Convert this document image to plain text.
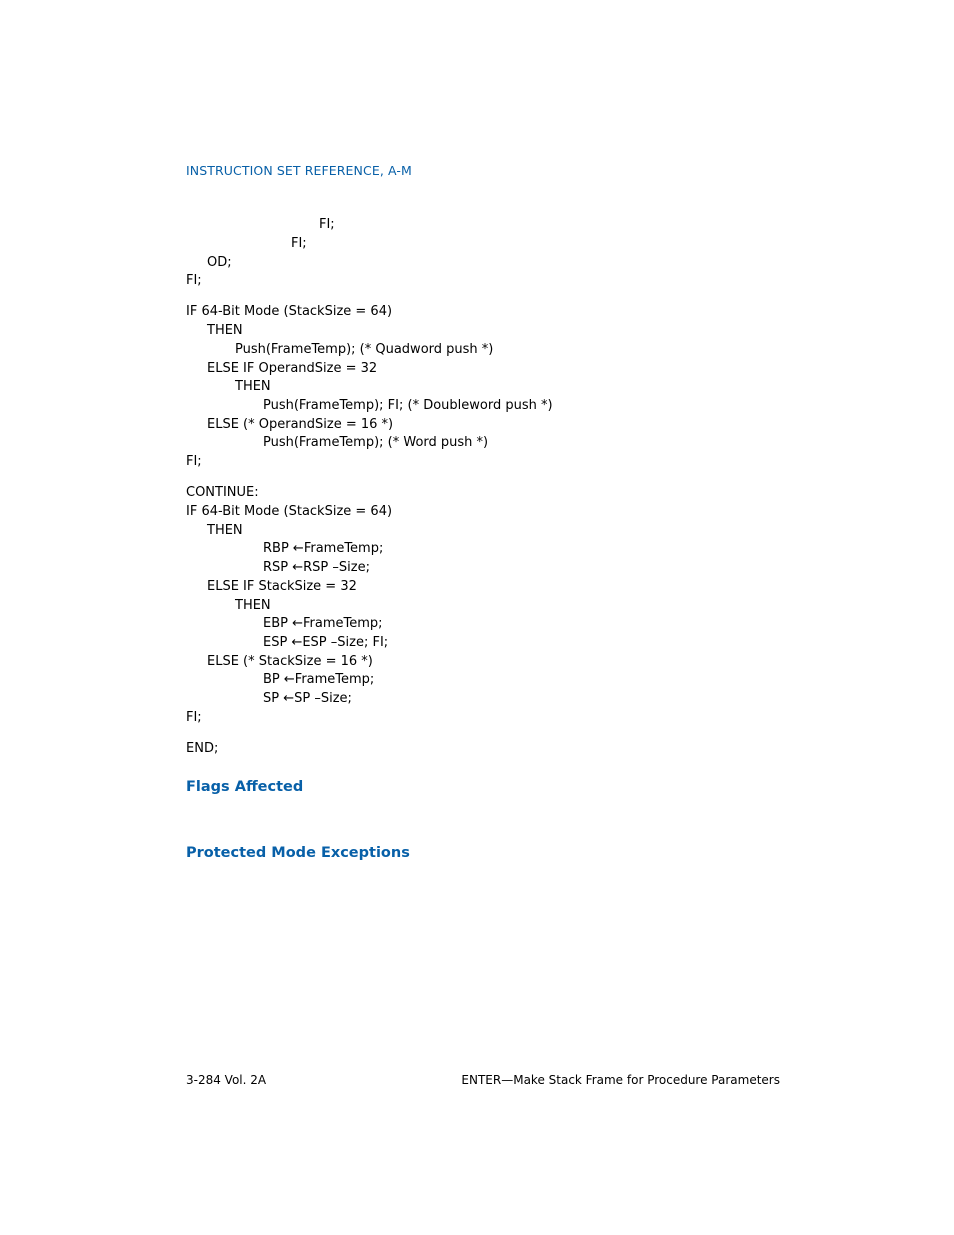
INSTRUCTION SET REFERENCE, A-M
FI;
FI;
OD;
FI;
IF 64-Bit Mode (StackSize = 64)
THEN
Push(FrameTemp); (* Quadword push *)
ELSE IF OperandSize = 32
THEN
Push(FrameTemp); FI; (* Doubleword push *)
ELSE (* OperandSize = 16 *)
Push(FrameTemp); (* Word push *)
FI;
CONTINUE:
IF 64-Bit Mode (StackSize = 64)
THEN
RBP ←FrameTemp;
RSP ←RSP –Size;
ELSE IF StackSize = 32
THEN
EBP ←FrameTemp;
ESP ←ESP –Size; FI;
ELSE (* StackSize = 16 *)
BP ←FrameTemp;
SP ←SP –Size;
FI;
END;
Flags Affected
Protected Mode Exceptions
3-284 Vol. 2A	ENTER—Make Stack Frame for Procedure Parameters
